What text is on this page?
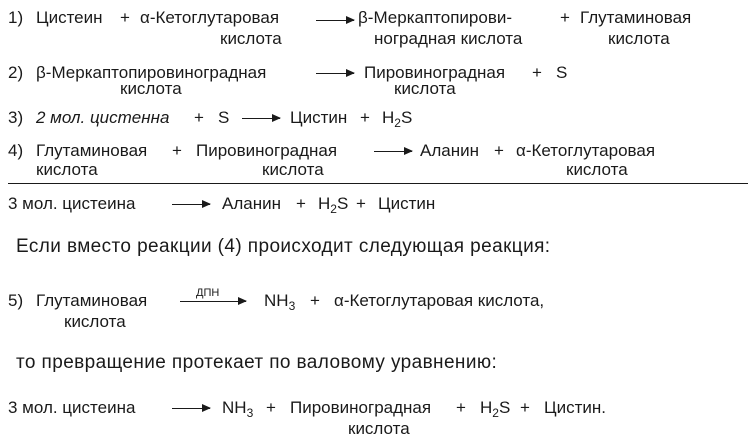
1) Цистеин + α-Кетоглутаровая
кислота
→ β-Меркаптопирови-
ноградная кислота
+ Глутаминовая
кислота
2) β-Меркаптопировиноградная
кислота
→ Пировиноградная
кислота
+ S
3) 2 мол. цистенна + S → Цистин + $H_2S$
4) Глутаминовая
кислота
+ Пировиноградная
кислота
→ Аланин + α-Кетоглутаровая
кислота
3 мол. цистеина	Аланин + $H_2S$ + Цистин
Если вместо реакции (4) происходит следующая реакция:
5) Глутаминовая
кислота
ДПН	$NH_3$ + α-Кетоглутаровая кислота,
то превращение протекает по валовому уравнению:
3 мол. цистеина	$NH_3$ + Пировиноградная
кислота
+ $H_2S$ + Цистин.
